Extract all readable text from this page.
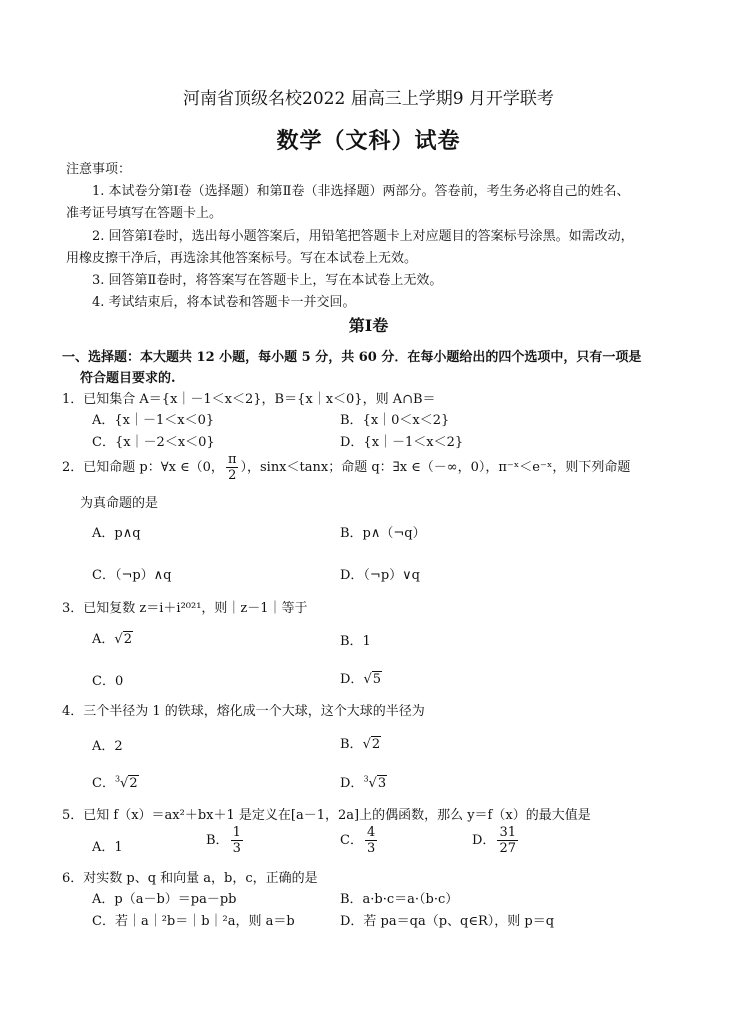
河南省顶级名校2022 届高三上学期9 月开学联考
数学（文科）试卷
注意事项：
1. 本试卷分第Ⅰ卷（选择题）和第Ⅱ卷（非选择题）两部分。答卷前，考生务必将自己的姓名、
准考证号填写在答题卡上。
2. 回答第Ⅰ卷时，选出每小题答案后，用铅笔把答题卡上对应题目的答案标号涂黑。如需改动，
用橡皮擦干净后，再选涂其他答案标号。写在本试卷上无效。
3. 回答第Ⅱ卷时，将答案写在答题卡上，写在本试卷上无效。
4. 考试结束后，将本试卷和答题卡一并交回。
第Ⅰ卷
一、选择题：本大题共 12 小题，每小题 5 分，共 60 分．在每小题给出的四个选项中，只有一项是
符合题目要求的.
1．已知集合 A＝{x｜－1＜x＜2}，B＝{x｜x＜0}，则 A∩B＝
A．{x｜－1＜x＜0}	B．{x｜0＜x＜2}
C．{x｜－2＜x＜0}	D．{x｜－1＜x＜2}
2．已知命题 p：∀x ∈（0， $\frac{\pi}{2}$ ），sinx＜tanx；命题 q：∃x ∈（－∞，0），π⁻ˣ＜e⁻ˣ，则下列命题
为真命题的是
A．p∧q	B．p∧（¬q）
C．（¬p）∧q	D．（¬p）∨q
3．已知复数 z＝i＋i²⁰²¹，则｜z－1｜等于
A．√2	B．1
C．0	D．√5
4．三个半径为 1 的铁球，熔化成一个大球，这个大球的半径为
A．2	B．√2
C．$^3$√2	D．$^3$√3
5．已知 f（x）＝ax²＋bx＋1 是定义在[a－1，2a]上的偶函数，那么 y＝f（x）的最大值是
A．1	B． $\frac{1}{3}$	C． $\frac{4}{3}$	D． $\frac{31}{27}$
6．对实数 p、q 和向量 a，b，c，正确的是
A．p（a－b）＝pa－pb	B．a·b·c＝a·（b·c）
C．若｜a｜²b＝｜b｜²a，则 a＝b	D．若 pa＝qa（p、q∈R），则 p＝q
